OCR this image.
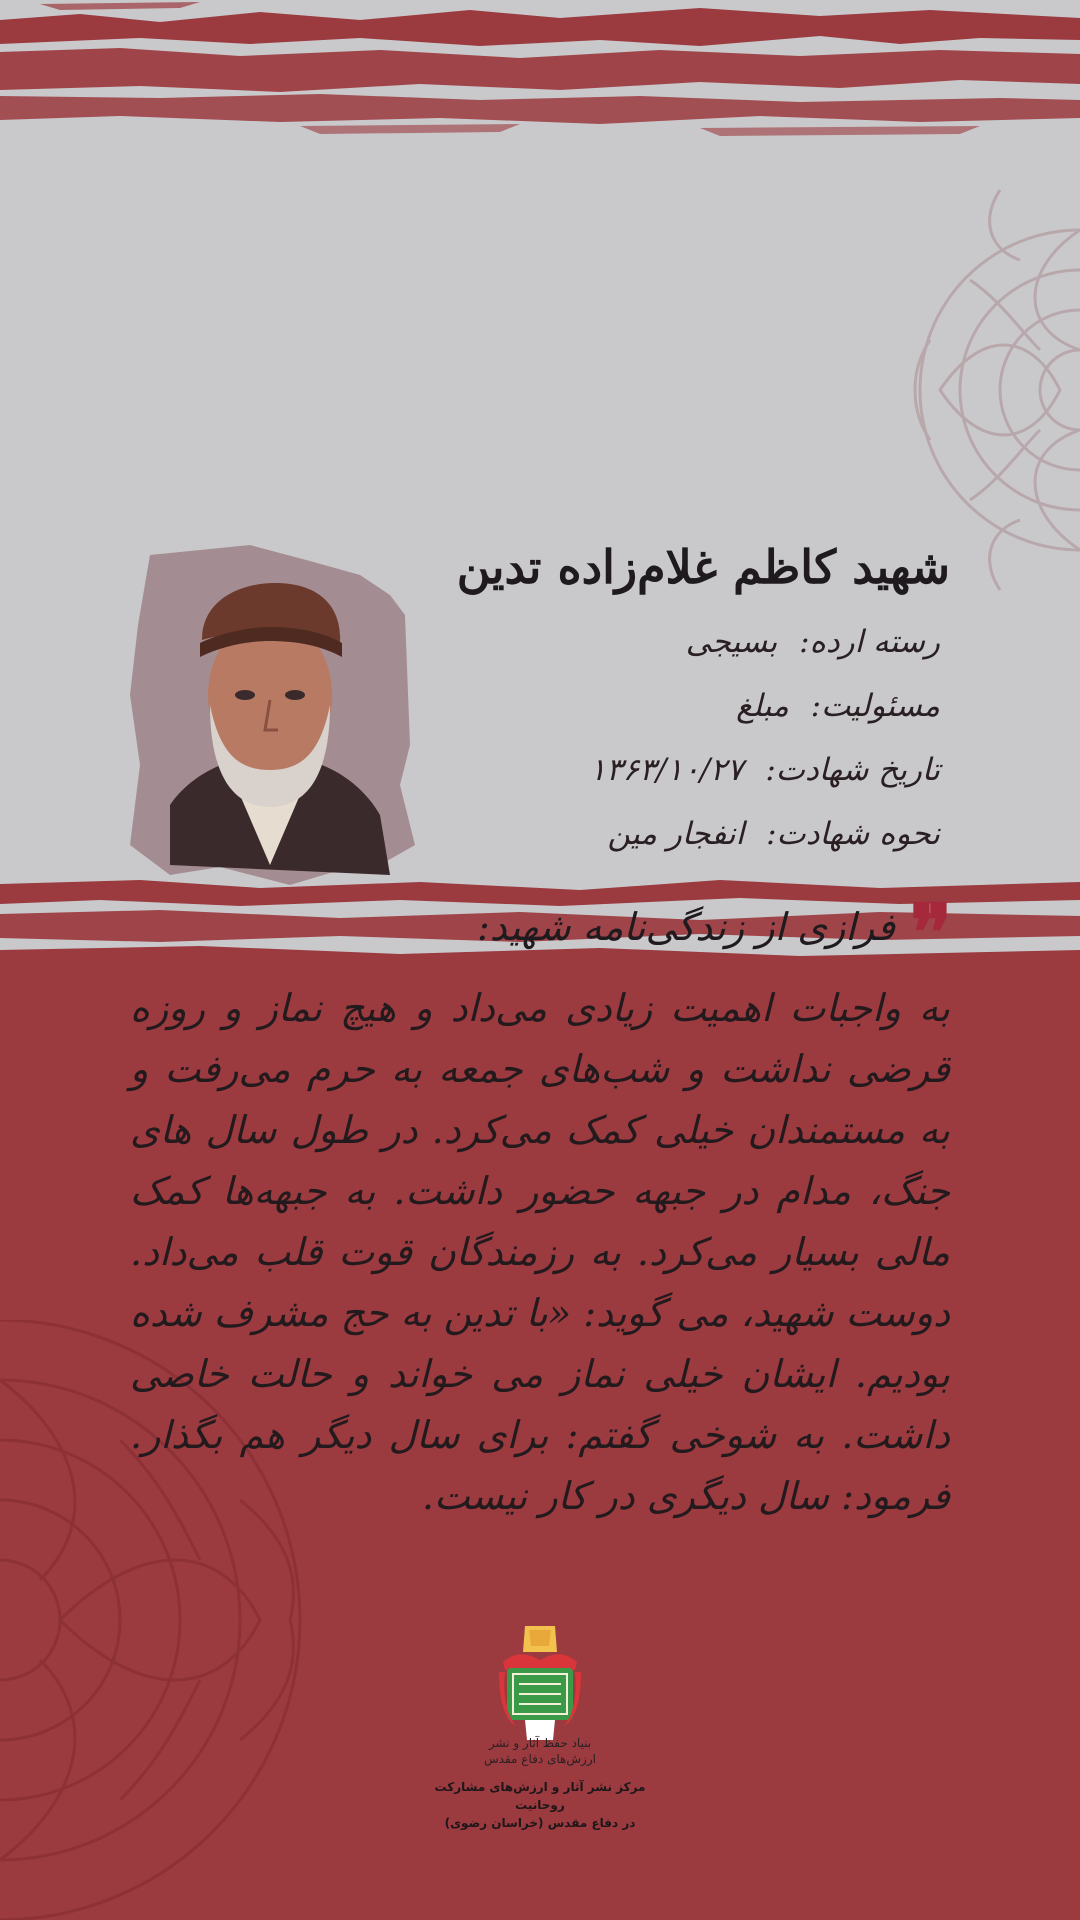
شهید کاظم غلام‌زاده تدین
رسته ارده: بسیجی
مسئولیت: مبلغ
تاریخ شهادت: ۱۳۶۳/۱۰/۲۷
نحوه شهادت: انفجار مین
❞
فرازی از زندگی‌نامه شهید:
به واجبات اهمیت زیادی می‌داد و هیچ نماز و روزه قرضی نداشت و شب‌های جمعه به حرم می‌رفت و به مستمندان خیلی کمک می‌کرد. در طول سال های جنگ، مدام در جبهه حضور داشت. به جبهه‌ها کمک مالی بسیار می‌کرد. به رزمندگان قوت قلب می‌داد. دوست شهید، می گوید: «با تدین به حج مشرف شده بودیم. ایشان خیلی نماز می خواند و حالت خاصی داشت. به شوخی گفتم: برای سال دیگر هم بگذار. فرمود: سال دیگری در کار نیست.
بنیاد حفظ آثار و نشر
ارزش‌های دفاع مقدس
مرکز نشر آثار و ارزش‌های مشارکت روحانیت
در دفاع مقدس (خراسان رضوی)
